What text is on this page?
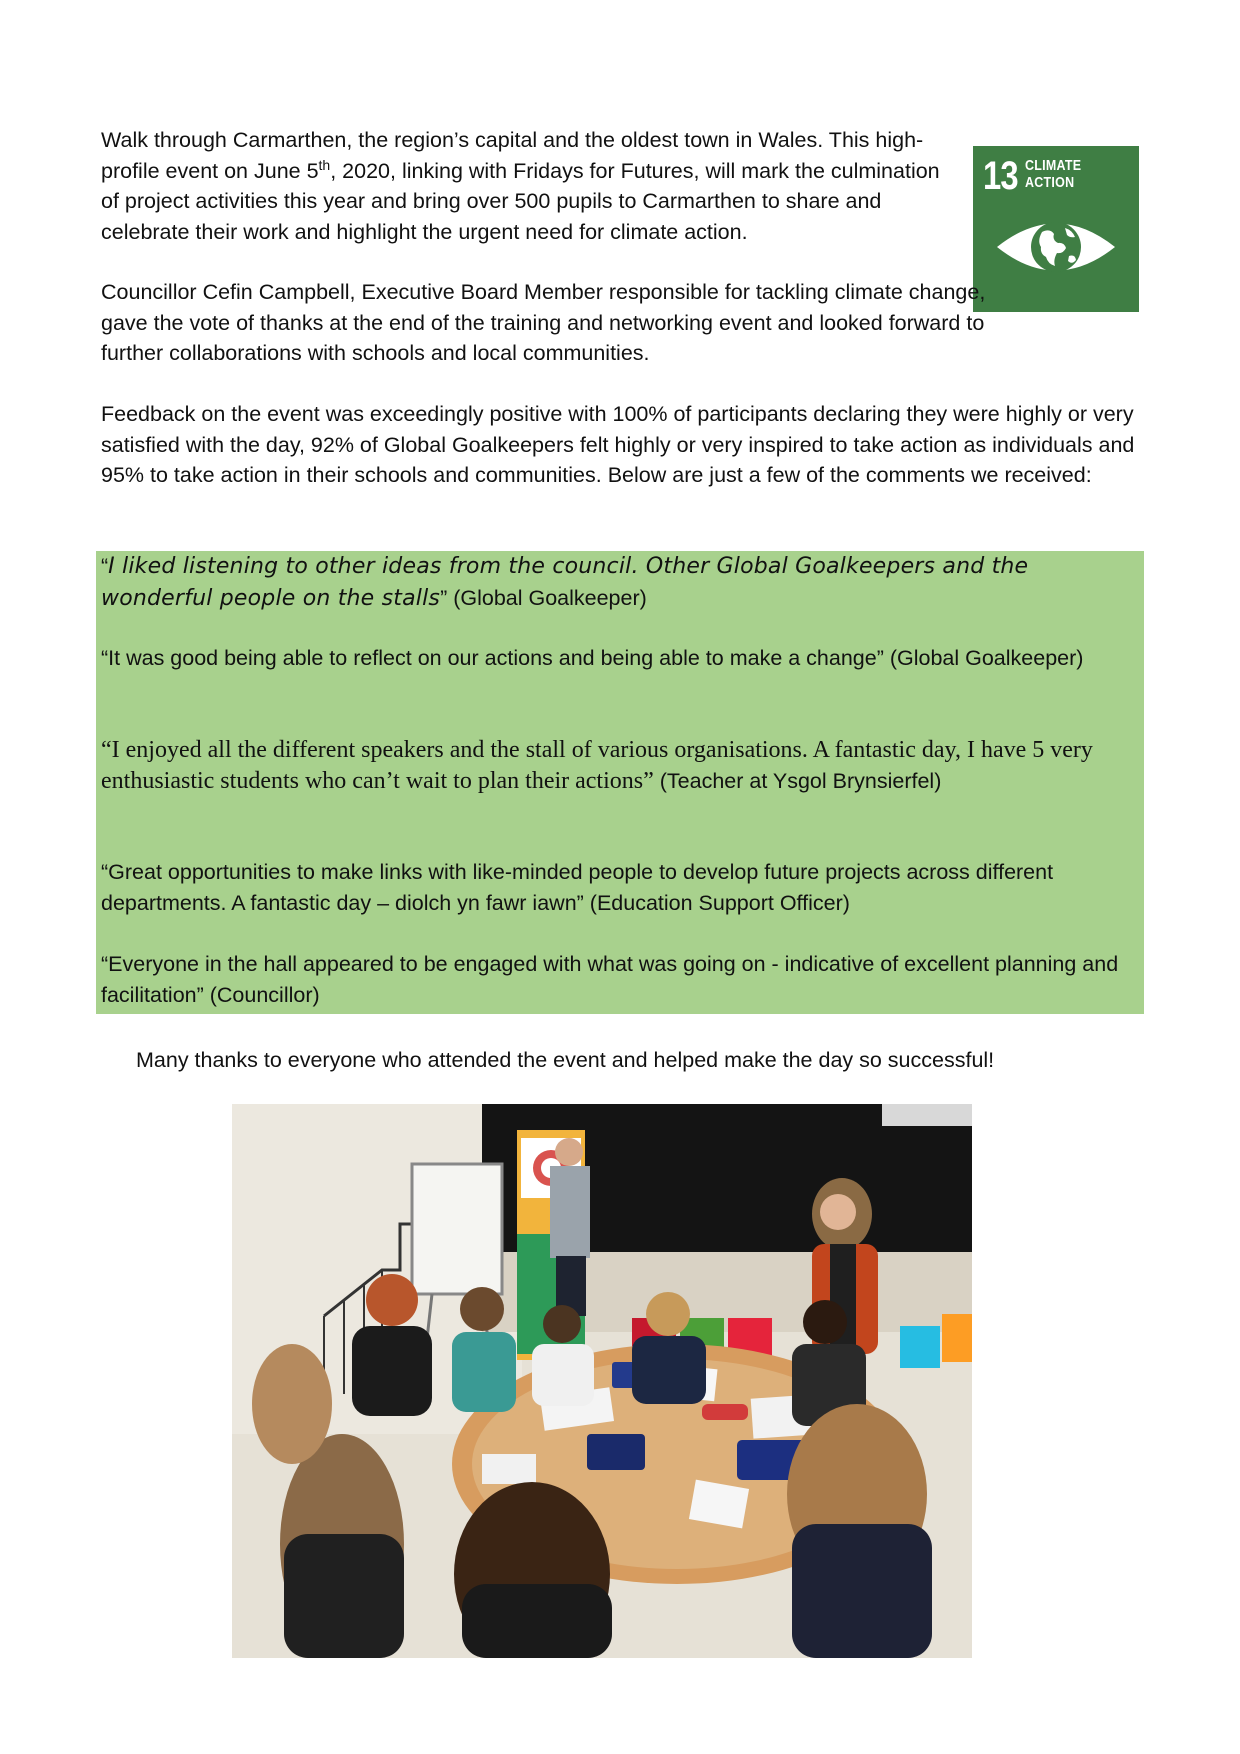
Walk through Carmarthen, the region’s capital and the oldest town in Wales. This high-profile event on June 5th, 2020, linking with Fridays for Futures, will mark the culmination of project activities this year and bring over 500 pupils to Carmarthen to share and celebrate their work and highlight the urgent need for climate action.

13 CLIMATE
ACTION

Councillor Cefin Campbell, Executive Board Member responsible for tackling climate change, gave the vote of thanks at the end of the training and networking event and looked forward to further collaborations with schools and local communities.

Feedback on the event was exceedingly positive with 100% of participants declaring they were highly or very satisfied with the day, 92% of Global Goalkeepers felt highly or very inspired to take action as individuals and 95% to take action in their schools and communities. Below are just a few of the comments we received:

“I liked listening to other ideas from the council. Other Global Goalkeepers and the wonderful people on the stalls” (Global Goalkeeper)

“It was good being able to reflect on our actions and being able to make a change” (Global Goalkeeper)

“I enjoyed all the different speakers and the stall of various organisations. A fantastic day, I have 5 very enthusiastic students who can’t wait to plan their actions” (Teacher at Ysgol Brynsierfel)

“Great opportunities to make links with like-minded people to develop future projects across different departments. A fantastic day – diolch yn fawr iawn” (Education Support Officer)

“Everyone in the hall appeared to be engaged with what was going on - indicative of excellent planning and facilitation” (Councillor)

Many thanks to everyone who attended the event and helped make the day so successful!
